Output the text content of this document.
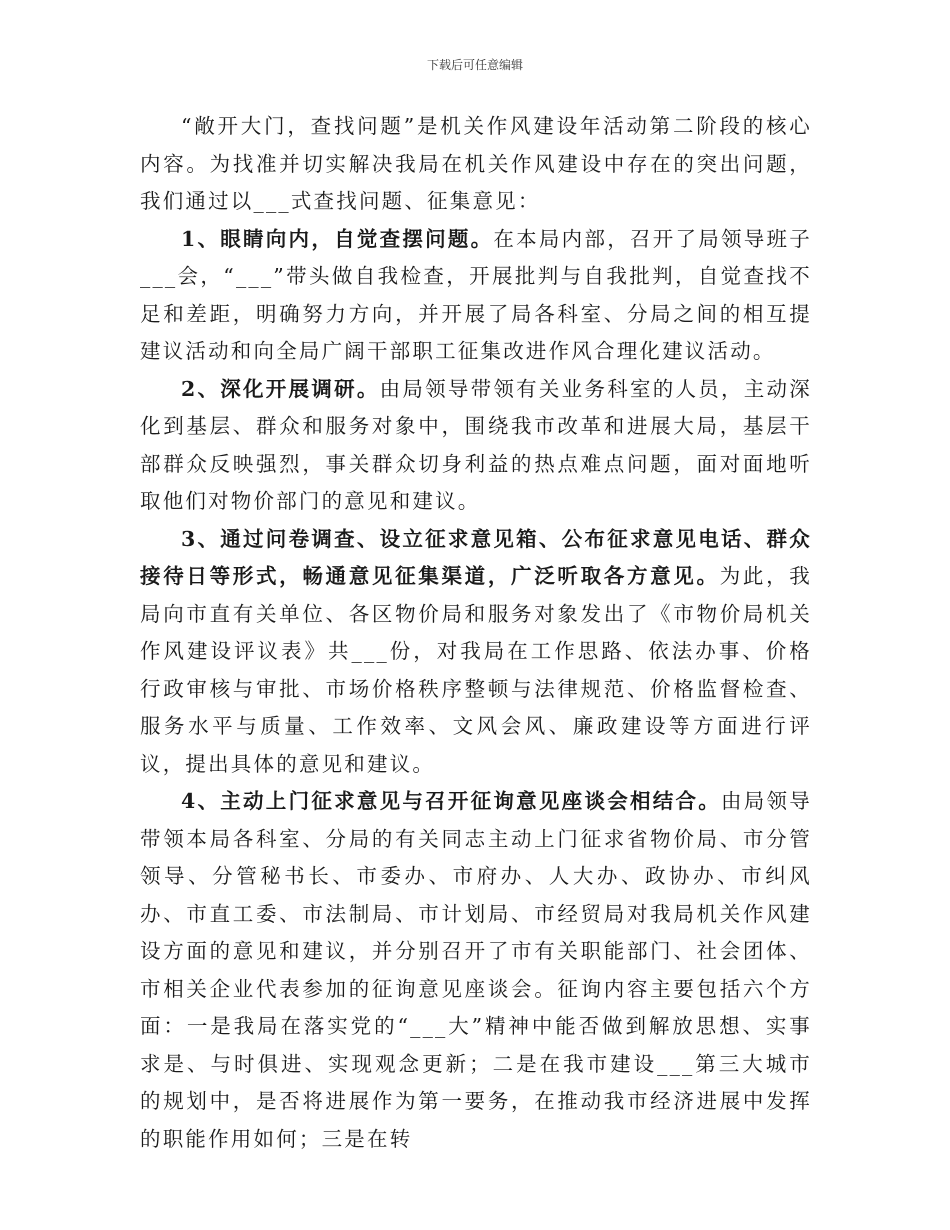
下载后可任意编辑

“敞开大门，查找问题”是机关作风建设年活动第二阶段的核心内容。为找准并切实解决我局在机关作风建设中存在的突出问题，我们通过以___式查找问题、征集意见：

1、眼睛向内，自觉查摆问题。在本局内部，召开了局领导班子___会，“___”带头做自我检查，开展批判与自我批判，自觉查找不足和差距，明确努力方向，并开展了局各科室、分局之间的相互提建议活动和向全局广阔干部职工征集改进作风合理化建议活动。

2、深化开展调研。由局领导带领有关业务科室的人员，主动深化到基层、群众和服务对象中，围绕我市改革和进展大局，基层干部群众反映强烈，事关群众切身利益的热点难点问题，面对面地听取他们对物价部门的意见和建议。

3、通过问卷调查、设立征求意见箱、公布征求意见电话、群众接待日等形式，畅通意见征集渠道，广泛听取各方意见。为此，我局向市直有关单位、各区物价局和服务对象发出了《市物价局机关作风建设评议表》共___份，对我局在工作思路、依法办事、价格行政审核与审批、市场价格秩序整顿与法律规范、价格监督检查、服务水平与质量、工作效率、文风会风、廉政建设等方面进行评议，提出具体的意见和建议。

4、主动上门征求意见与召开征询意见座谈会相结合。由局领导带领本局各科室、分局的有关同志主动上门征求省物价局、市分管领导、分管秘书长、市委办、市府办、人大办、政协办、市纠风办、市直工委、市法制局、市计划局、市经贸局对我局机关作风建设方面的意见和建议，并分别召开了市有关职能部门、社会团体、市相关企业代表参加的征询意见座谈会。征询内容主要包括六个方面：一是我局在落实党的“___大”精神中能否做到解放思想、实事求是、与时俱进、实现观念更新；二是在我市建设___第三大城市的规划中，是否将进展作为第一要务，在推动我市经济进展中发挥的职能作用如何；三是在转
